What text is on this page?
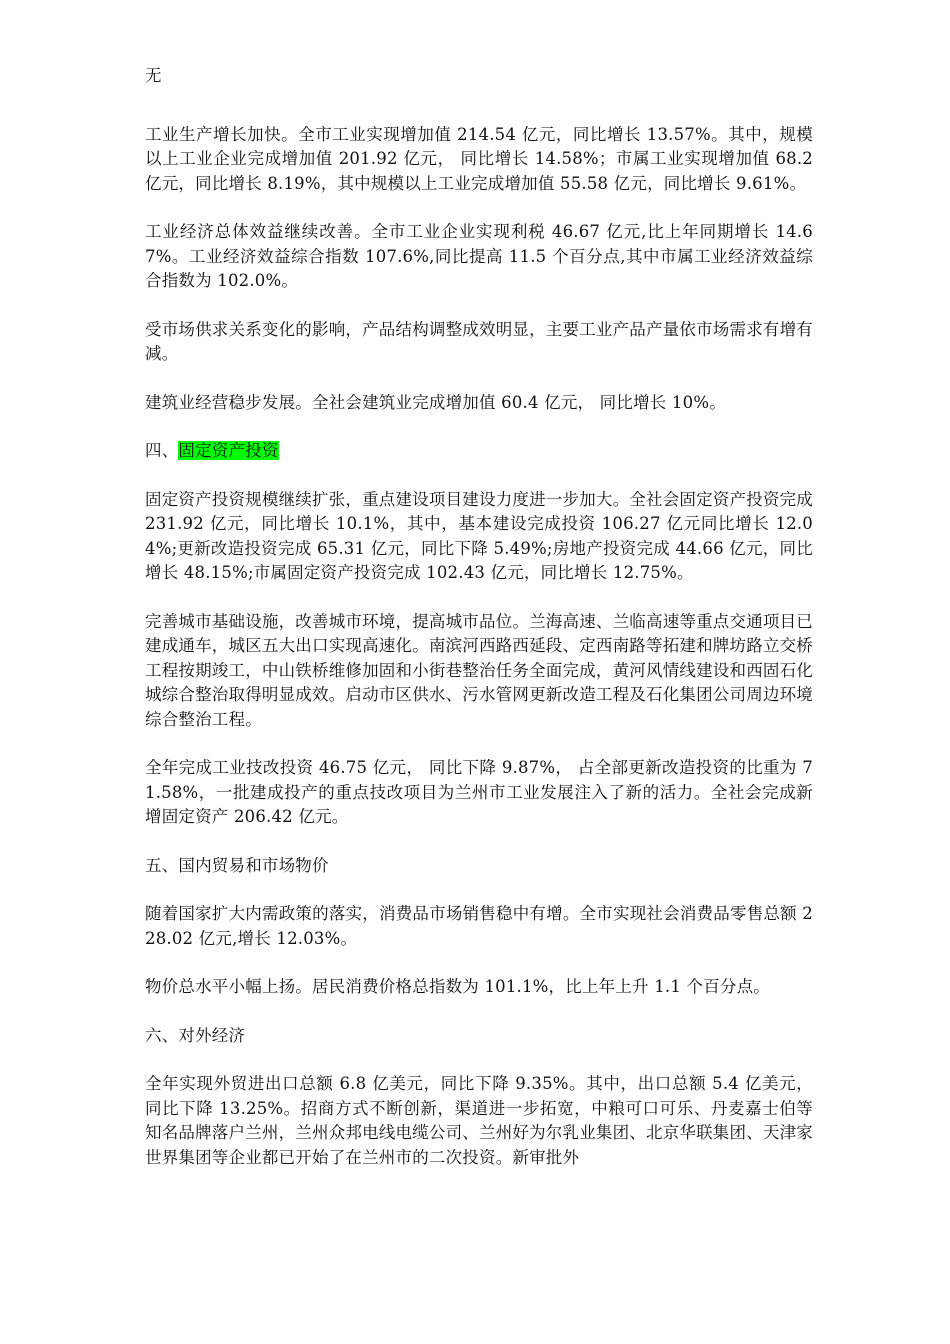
无

工业生产增长加快。全市工业实现增加值 214.54 亿元，同比增长 13.57%。其中，规模以上工业企业完成增加值 201.92 亿元， 同比增长 14.58%；市属工业实现增加值 68.2 亿元，同比增长 8.19%，其中规模以上工业完成增加值 55.58 亿元，同比增长 9.61%。

工业经济总体效益继续改善。全市工业企业实现利税 46.67 亿元,比上年同期增长 14.67%。工业经济效益综合指数 107.6%,同比提高 11.5 个百分点,其中市属工业经济效益综合指数为 102.0%。

受市场供求关系变化的影响，产品结构调整成效明显，主要工业产品产量依市场需求有增有减。

建筑业经营稳步发展。全社会建筑业完成增加值 60.4 亿元， 同比增长 10%。

四、固定资产投资

固定资产投资规模继续扩张，重点建设项目建设力度进一步加大。全社会固定资产投资完成 231.92 亿元，同比增长 10.1%，其中，基本建设完成投资 106.27 亿元同比增长 12.04%;更新改造投资完成 65.31 亿元，同比下降 5.49%;房地产投资完成 44.66 亿元，同比增长 48.15%;市属固定资产投资完成 102.43 亿元，同比增长 12.75%。

完善城市基础设施，改善城市环境，提高城市品位。兰海高速、兰临高速等重点交通项目已建成通车，城区五大出口实现高速化。南滨河西路西延段、定西南路等拓建和牌坊路立交桥工程按期竣工，中山铁桥维修加固和小街巷整治任务全面完成，黄河风情线建设和西固石化城综合整治取得明显成效。启动市区供水、污水管网更新改造工程及石化集团公司周边环境综合整治工程。

全年完成工业技改投资 46.75 亿元， 同比下降 9.87%， 占全部更新改造投资的比重为 71.58%，一批建成投产的重点技改项目为兰州市工业发展注入了新的活力。全社会完成新增固定资产 206.42 亿元。

五、国内贸易和市场物价

随着国家扩大内需政策的落实，消费品市场销售稳中有增。全市实现社会消费品零售总额 228.02 亿元,增长 12.03%。

物价总水平小幅上扬。居民消费价格总指数为 101.1%，比上年上升 1.1 个百分点。

六、对外经济

全年实现外贸进出口总额 6.8 亿美元，同比下降 9.35%。其中，出口总额 5.4 亿美元，同比下降 13.25%。招商方式不断创新，渠道进一步拓宽，中粮可口可乐、丹麦嘉士伯等知名品牌落户兰州，兰州众邦电线电缆公司、兰州好为尔乳业集团、北京华联集团、天津家世界集团等企业都已开始了在兰州市的二次投资。新审批外
